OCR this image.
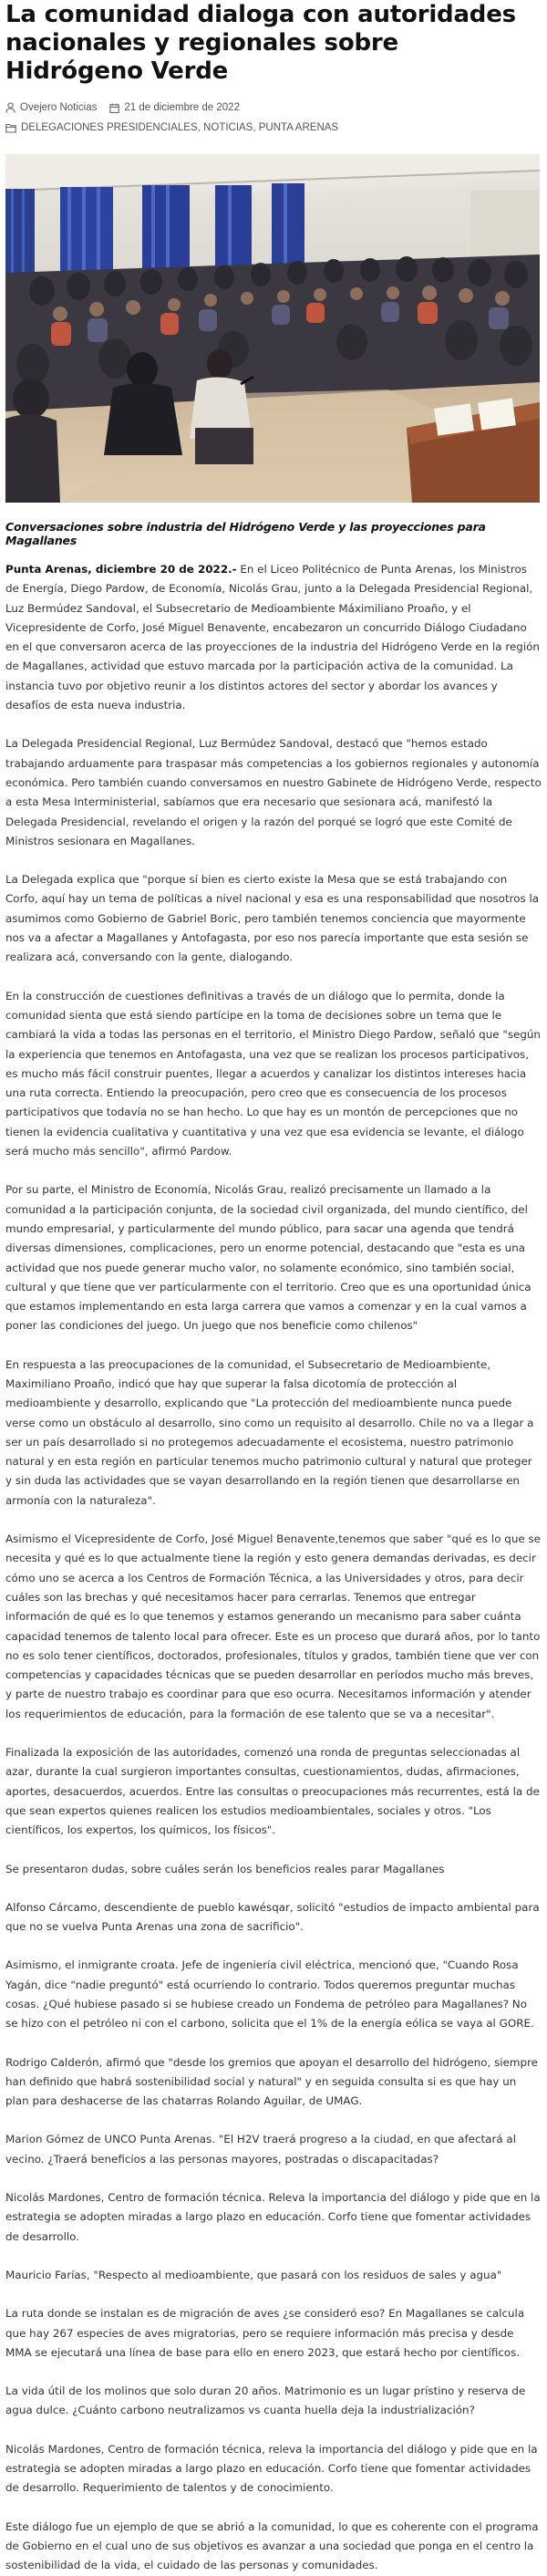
La comunidad dialoga con autoridades nacionales y regionales sobre Hidrógeno Verde
Ovejero Noticias	21 de diciembre de 2022
DELEGACIONES PRESIDENCIALES , NOTICIAS , PUNTA ARENAS

Conversaciones sobre industria del Hidrógeno Verde y las proyecciones para Magallanes

Punta Arenas, diciembre 20 de 2022.- En el Liceo Politécnico de Punta Arenas, los Ministros de Energía, Diego Pardow, de Economía, Nicolás Grau, junto a la Delegada Presidencial Regional, Luz Bermúdez Sandoval, el Subsecretario de Medioambiente Máximiliano Proaño, y el Vicepresidente de Corfo, José Miguel Benavente, encabezaron un concurrido Diálogo Ciudadano en el que conversaron acerca de las proyecciones de la industria del Hidrógeno Verde en la región de Magallanes, actividad que estuvo marcada por la participación activa de la comunidad. La instancia tuvo por objetivo reunir a los distintos actores del sector y abordar los avances y desafíos de esta nueva industria.

La Delegada Presidencial Regional, Luz Bermúdez Sandoval, destacó que "hemos estado trabajando arduamente para traspasar más competencias a los gobiernos regionales y autonomía económica. Pero también cuando conversamos en nuestro Gabinete de Hidrógeno Verde, respecto a esta Mesa Interministerial, sabíamos que era necesario que sesionara acá, manifestó la Delegada Presidencial, revelando el origen y la razón del porqué se logró que este Comité de Ministros sesionara en Magallanes.

La Delegada explica que "porque sí bien es cierto existe la Mesa que se está trabajando con Corfo, aquí hay un tema de políticas a nivel nacional y esa es una responsabilidad que nosotros la asumimos como Gobierno de Gabriel Boric, pero también tenemos conciencia que mayormente nos va a afectar a Magallanes y Antofagasta, por eso nos parecía importante que esta sesión se realizara acá, conversando con la gente, dialogando.

En la construcción de cuestiones definitivas a través de un diálogo que lo permita, donde la comunidad sienta que está siendo partícipe en la toma de decisiones sobre un tema que le cambiará la vida a todas las personas en el territorio, el Ministro Diego Pardow, señaló que "según la experiencia que tenemos en Antofagasta, una vez que se realizan los procesos participativos, es mucho más fácil construir puentes, llegar a acuerdos y canalizar los distintos intereses hacia una ruta correcta. Entiendo la preocupación, pero creo que es consecuencia de los procesos participativos que todavía no se han hecho. Lo que hay es un montón de percepciones que no tienen la evidencia cualitativa y cuantitativa y una vez que esa evidencia se levante, el diálogo será mucho más sencillo", afirmó Pardow.

Por su parte, el Ministro de Economía, Nicolás Grau, realizó precisamente un llamado a la comunidad a la participación conjunta, de la sociedad civil organizada, del mundo científico, del mundo empresarial, y particularmente del mundo público, para sacar una agenda que tendrá diversas dimensiones, complicaciones, pero un enorme potencial, destacando que "esta es una actividad que nos puede generar mucho valor, no solamente económico, sino también social, cultural y que tiene que ver particularmente con el territorio. Creo que es una oportunidad única que estamos implementando en esta larga carrera que vamos a comenzar y en la cual vamos a poner las condiciones del juego. Un juego que nos beneficie como chilenos"

En respuesta a las preocupaciones de la comunidad, el Subsecretario de Medioambiente, Maximiliano Proaño, indicó que hay que superar la falsa dicotomía de protección al medioambiente y desarrollo, explicando que "La protección del medioambiente nunca puede verse como un obstáculo al desarrollo, sino como un requisito al desarrollo. Chile no va a llegar a ser un país desarrollado si no protegemos adecuadamente el ecosistema, nuestro patrimonio natural y en esta región en particular tenemos mucho patrimonio cultural y natural que proteger y sin duda las actividades que se vayan desarrollando en la región tienen que desarrollarse en armonía con la naturaleza".

Asimismo el Vicepresidente de Corfo, José Miguel Benavente,tenemos que saber "qué es lo que se necesita y qué es lo que actualmente tiene la región y esto genera demandas derivadas, es decir cómo uno se acerca a los Centros de Formación Técnica, a las Universidades y otros, para decir cuáles son las brechas y qué necesitamos hacer para cerrarlas. Tenemos que entregar información de qué es lo que tenemos y estamos generando un mecanismo para saber cuánta capacidad tenemos de talento local para ofrecer. Este es un proceso que durará años, por lo tanto no es solo tener científicos, doctorados, profesionales, títulos y grados, también tiene que ver con competencias y capacidades técnicas que se pueden desarrollar en períodos mucho más breves, y parte de nuestro trabajo es coordinar para que eso ocurra. Necesitamos información y atender los requerimientos de educación, para la formación de ese talento que se va a necesitar".

Finalizada la exposición de las autoridades, comenzó una ronda de preguntas seleccionadas al azar, durante la cual surgieron importantes consultas, cuestionamientos, dudas, afirmaciones, aportes, desacuerdos, acuerdos. Entre las consultas o preocupaciones más recurrentes, está la de que sean expertos quienes realicen los estudios medioambientales, sociales y otros. "Los científicos, los expertos, los químicos, los físicos".

Se presentaron dudas, sobre cuáles serán los beneficios reales parar Magallanes

Alfonso Cárcamo, descendiente de pueblo kawésqar, solicitó "estudios de impacto ambiental para que no se vuelva Punta Arenas una zona de sacrificio".

Asimismo, el inmigrante croata. Jefe de ingeniería civil eléctrica, mencionó que, "Cuando Rosa Yagán, dice "nadie preguntó" está ocurriendo lo contrario. Todos queremos preguntar muchas cosas. ¿Qué hubiese pasado si se hubiese creado un Fondema de petróleo para Magallanes? No se hizo con el petróleo ni con el carbono, solicita que el 1% de la energía eólica se vaya al GORE.

Rodrigo Calderón, afirmó que "desde los gremios que apoyan el desarrollo del hidrógeno, siempre han definido que habrá sostenibilidad social y natural" y en seguida consulta si es que hay un plan para deshacerse de las chatarras Rolando Aguilar, de UMAG.

Marion Gómez de UNCO Punta Arenas. "El H2V traerá progreso a la ciudad, en que afectará al vecino. ¿Traerá beneficios a las personas mayores, postradas o discapacitadas?

Nicolás Mardones, Centro de formación técnica. Releva la importancia del diálogo y pide que en la estrategia se adopten miradas a largo plazo en educación. Corfo tiene que fomentar actividades de desarrollo.

Mauricio Farías, "Respecto al medioambiente, que pasará con los residuos de sales y agua"

La ruta donde se instalan es de migración de aves ¿se consideró eso? En Magallanes se calcula que hay 267 especies de aves migratorias, pero se requiere información más precisa y desde MMA se ejecutará una línea de base para ello en enero 2023, que estará hecho por científicos.

La vida útil de los molinos que solo duran 20 años. Matrimonio es un lugar prístino y reserva de agua dulce. ¿Cuánto carbono neutralizamos vs cuanta huella deja la industrialización?

Nicolás Mardones, Centro de formación técnica, releva la importancia del diálogo y pide que en la estrategia se adopten miradas a largo plazo en educación. Corfo tiene que fomentar actividades de desarrollo. Requerimiento de talentos y de conocimiento.

Este diálogo fue un ejemplo de que se abrió a la comunidad, lo que es coherente con el programa de Gobierno en el cual uno de sus objetivos es avanzar a una sociedad que ponga en el centro la sostenibilidad de la vida, el cuidado de las personas y comunidades.
